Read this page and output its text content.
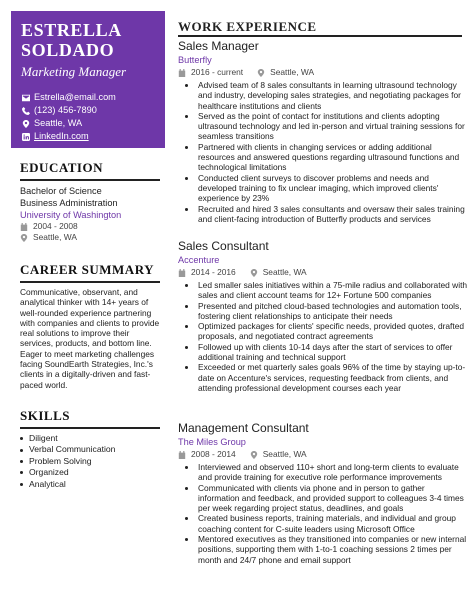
ESTRELLA
SOLDADO
Marketing Manager
Estrella@email.com
(123) 456-7890
Seattle, WA
LinkedIn.com
EDUCATION
Bachelor of Science
Business Administration
University of Washington
2004 - 2008
Seattle, WA
CAREER SUMMARY
Communicative, observant, and analytical thinker with 14+ years of well-rounded experience partnering with companies and clients to provide real solutions to improve their services, products, and bottom line. Eager to meet marketing challenges facing SoundEarth Strategies, Inc.'s clients in a digitally-driven and fast-paced world.
SKILLS
Diligent
Verbal Communication
Problem Solving
Organized
Analytical
WORK EXPERIENCE
Sales Manager
Butterfly
2016 - current	Seattle, WA
Advised team of 8 sales consultants in learning ultrasound technology and industry, developing sales strategies, and negotiating packages for healthcare institutions and clients
Served as the point of contact for institutions and clients adopting ultrasound technology and led in-person and virtual training sessions for seamless transitions
Partnered with clients in changing services or adding additional resources and answered questions regarding ultrasound functions and technological limitations
Conducted client surveys to discover problems and needs and developed training to fix unclear imaging, which improved clients' experience by 23%
Recruited and hired 3 sales consultants and oversaw their sales training and client-facing introduction of Butterfly products and services
Sales Consultant
Accenture
2014 - 2016	Seattle, WA
Led smaller sales initiatives within a 75-mile radius and collaborated with sales and client account teams for 12+ Fortune 500 companies
Presented and pitched cloud-based technologies and automation tools, fostering client relationships to anticipate their needs
Optimized packages for clients' specific needs, provided quotes, drafted proposals, and negotiated contract agreements
Followed up with clients 10-14 days after the start of services to offer additional training and technical support
Exceeded or met quarterly sales goals 96% of the time by staying up-to-date on Accenture's services, requesting feedback from clients, and attending professional development courses each year
Management Consultant
The Miles Group
2008 - 2014	Seattle, WA
Interviewed and observed 110+ short and long-term clients to evaluate and provide training for executive role performance improvements
Communicated with clients via phone and in person to gather information and feedback, and provided support to colleagues 3-4 times per week regarding project status, deadlines, and goals
Created business reports, training materials, and individual and group coaching content for C-suite leaders using Microsoft Office
Mentored executives as they transitioned into companies or new internal positions, supporting them with 1-to-1 coaching sessions 2 times per month and 24/7 phone and email support
